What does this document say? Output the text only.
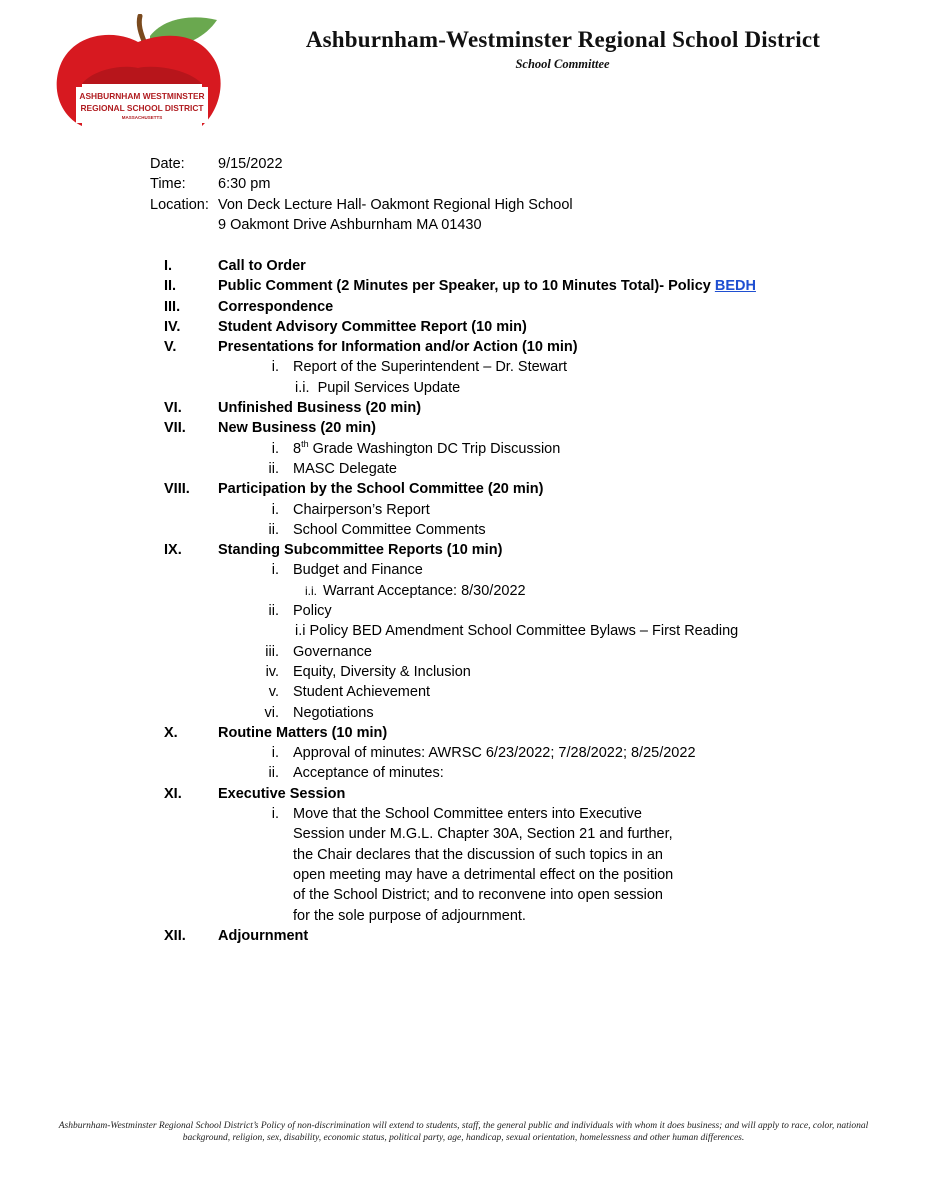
ASHBURNHAM WESTMINSTER
REGIONAL SCHOOL DISTRICT
MASSACHUSETTS
Ashburnham-Westminster Regional School District
School Committee
Date:	9/15/2022
Time:	6:30 pm
Location: Von Deck Lecture Hall- Oakmont Regional High School
9 Oakmont Drive Ashburnham MA 01430
I.	Call to Order
II.	Public Comment (2 Minutes per Speaker, up to 10 Minutes Total)- Policy BEDH
III.	Correspondence
IV.	Student Advisory Committee Report (10 min)
V.	Presentations for Information and/or Action (10 min)
i. Report of the Superintendent – Dr. Stewart
i.i. Pupil Services Update
VI.	Unfinished Business (20 min)
VII.	New Business (20 min)
i. 8th Grade Washington DC Trip Discussion
ii. MASC Delegate
VIII.	Participation by the School Committee (20 min)
i. Chairperson’s Report
ii. School Committee Comments
IX.	Standing Subcommittee Reports (10 min)
i. Budget and Finance
i.i. Warrant Acceptance: 8/30/2022
ii. Policy
i.i Policy BED Amendment School Committee Bylaws – First Reading
iii. Governance
iv. Equity, Diversity & Inclusion
v. Student Achievement
vi. Negotiations
X.	Routine Matters (10 min)
i. Approval of minutes: AWRSC 6/23/2022; 7/28/2022; 8/25/2022
ii. Acceptance of minutes:
XI.	Executive Session
i. Move that the School Committee enters into Executive
Session under M.G.L. Chapter 30A, Section 21 and further,
the Chair declares that the discussion of such topics in an
open meeting may have a detrimental effect on the position
of the School District; and to reconvene into open session
for the sole purpose of adjournment.
XII.	Adjournment
Ashburnham-Westminster Regional School District’s Policy of non-discrimination will extend to students, staff, the general public and individuals with whom it does business; and will apply to race, color, national
background, religion, sex, disability, economic status, political party, age, handicap, sexual orientation, homelessness and other human differences.
